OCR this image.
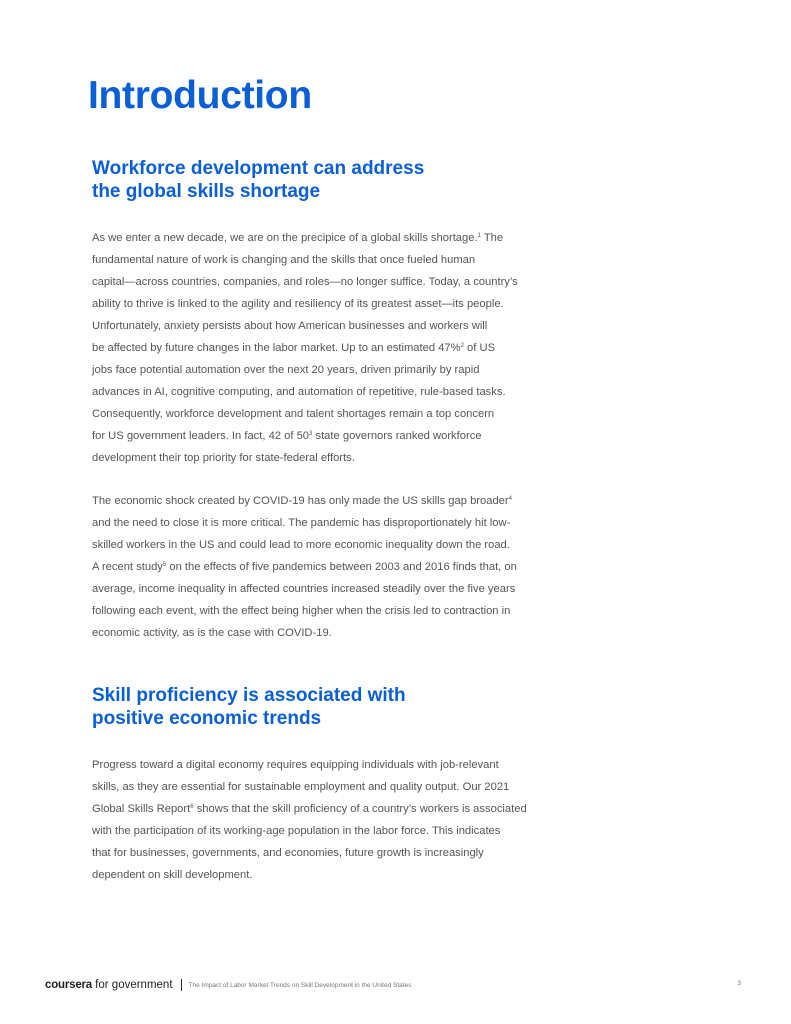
Introduction
Workforce development can address
the global skills shortage
As we enter a new decade, we are on the precipice of a global skills shortage.$^1$ The
fundamental nature of work is changing and the skills that once fueled human
capital—across countries, companies, and roles—no longer suffice. Today, a country’s
ability to thrive is linked to the agility and resiliency of its greatest asset—its people.
Unfortunately, anxiety persists about how American businesses and workers will
be affected by future changes in the labor market. Up to an estimated 47%$^2$ of US
jobs face potential automation over the next 20 years, driven primarily by rapid
advances in AI, cognitive computing, and automation of repetitive, rule-based tasks.
Consequently, workforce development and talent shortages remain a top concern
for US government leaders. In fact, 42 of $50^3$ state governors ranked workforce
development their top priority for state-federal efforts.
The economic shock created by COVID-19 has only made the US skills gap broader$^4$
and the need to close it is more critical. The pandemic has disproportionately hit low-
skilled workers in the US and could lead to more economic inequality down the road.
A recent study$^5$ on the effects of five pandemics between 2003 and 2016 finds that, on
average, income inequality in affected countries increased steadily over the five years
following each event, with the effect being higher when the crisis led to contraction in
economic activity, as is the case with COVID-19.
Skill proficiency is associated with
positive economic trends
Progress toward a digital economy requires equipping individuals with job-relevant
skills, as they are essential for sustainable employment and quality output. Our 2021
Global Skills Report$^6$ shows that the skill proficiency of a country’s workers is associated
with the participation of its working-age population in the labor force. This indicates
that for businesses, governments, and economies, future growth is increasingly
dependent on skill development.
coursera for government The Impact of Labor Market Trends on Skill Development in the United States	3
